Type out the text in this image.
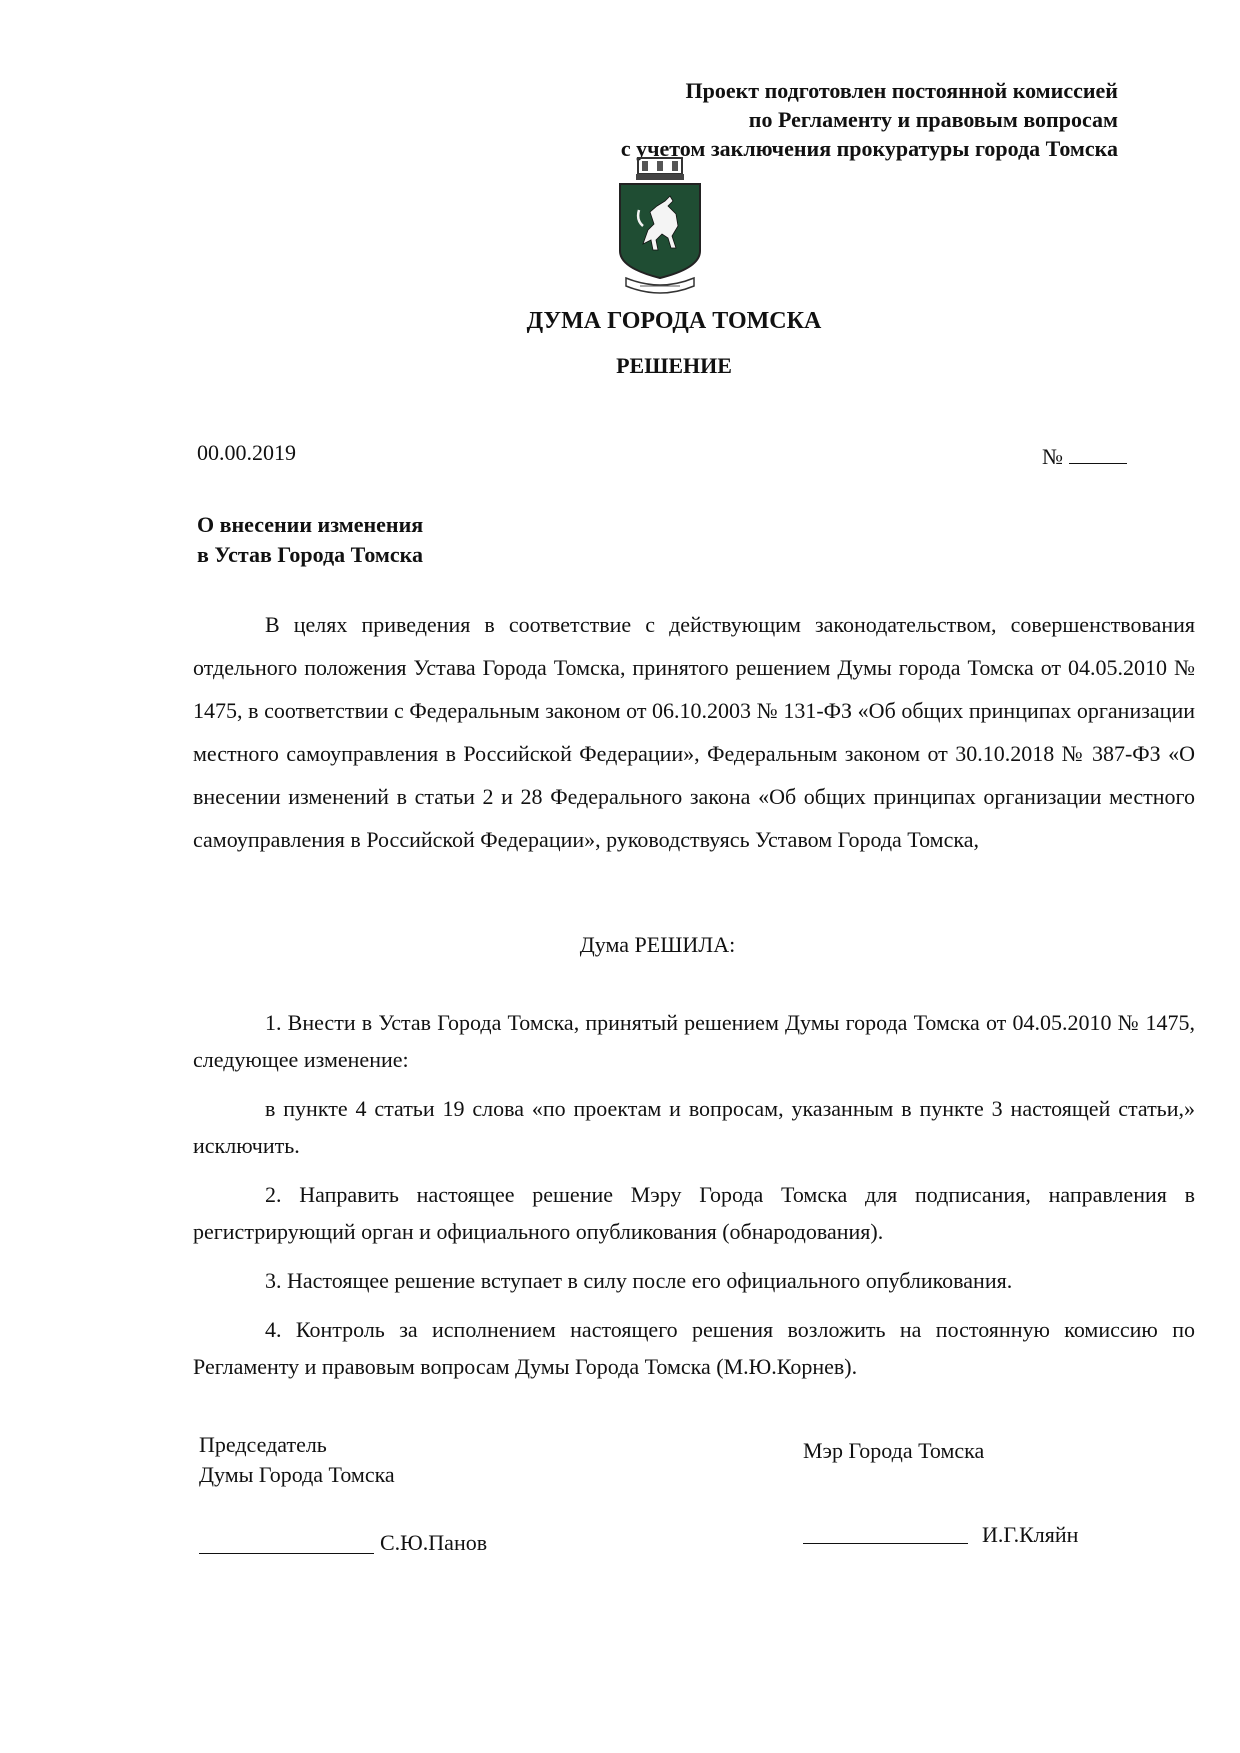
Проект подготовлен постоянной комиссией
по Регламенту и правовым вопросам
с учетом заключения прокуратуры города Томска
ДУМА ГОРОДА ТОМСКА
РЕШЕНИЕ
00.00.2019	№
О внесении изменения
в Устав Города Томска
В целях приведения в соответствие с действующим законодательством, совершенствования отдельного положения Устава Города Томска, принятого решением Думы города Томска от 04.05.2010 № 1475, в соответствии с Федеральным законом от 06.10.2003 № 131-ФЗ «Об общих принципах организации местного самоуправления в Российской Федерации», Федеральным законом от 30.10.2018 № 387-ФЗ «О внесении изменений в статьи 2 и 28 Федерального закона «Об общих принципах организации местного самоуправления в Российской Федерации», руководствуясь Уставом Города Томска,
Дума РЕШИЛА:

1. Внести в Устав Города Томска, принятый решением Думы города Томска от 04.05.2010 № 1475, следующее изменение:

в пункте 4 статьи 19 слова «по проектам и вопросам, указанным в пункте 3 настоящей статьи,» исключить.

2. Направить настоящее решение Мэру Города Томска для подписания, направления в регистрирующий орган и официального опубликования (обнародования).

3. Настоящее решение вступает в силу после его официального опубликования.

4. Контроль за исполнением настоящего решения возложить на постоянную комиссию по Регламенту и правовым вопросам Думы Города Томска (М.Ю.Корнев).

Председатель
Думы Города Томска
Мэр Города Томска
С.Ю.Панов	И.Г.Кляйн
